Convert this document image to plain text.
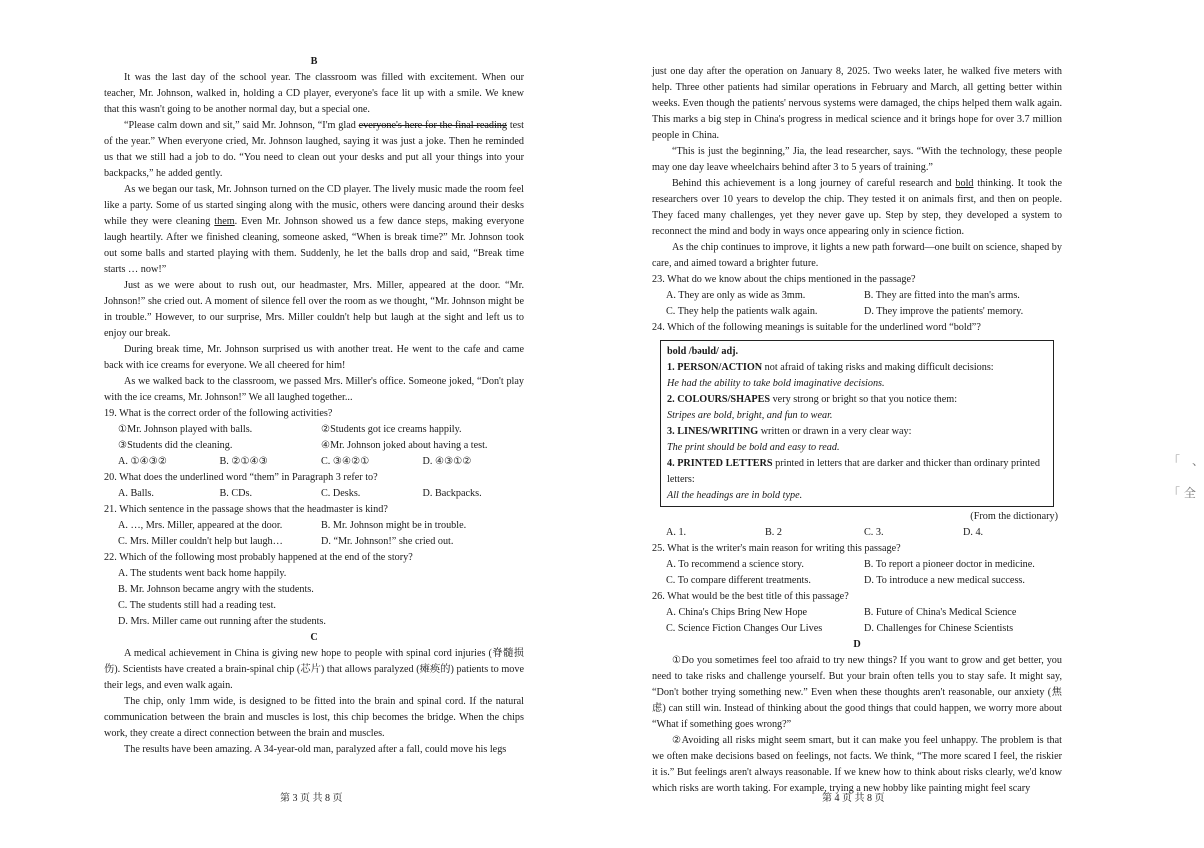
B

It was the last day of the school year. The classroom was filled with excitement. When our teacher, Mr. Johnson, walked in, holding a CD player, everyone's face lit up with a smile. We knew that this wasn't going to be another normal day, but a special one.

“Please calm down and sit,” said Mr. Johnson, “I'm glad everyone's here for the final reading test of the year.” When everyone cried, Mr. Johnson laughed, saying it was just a joke. Then he reminded us that we still had a job to do. “You need to clean out your desks and put all your things into your backpacks,” he added gently.

As we began our task, Mr. Johnson turned on the CD player. The lively music made the room feel like a party. Some of us started singing along with the music, others were dancing around their desks while they were cleaning them. Even Mr. Johnson showed us a few dance steps, making everyone laugh heartily. After we finished cleaning, someone asked, “When is break time?” Mr. Johnson took out some balls and started playing with them. Suddenly, he let the balls drop and said, “Break time starts … now!”

Just as we were about to rush out, our headmaster, Mrs. Miller, appeared at the door. “Mr. Johnson!” she cried out. A moment of silence fell over the room as we thought, “Mr. Johnson might be in trouble.” However, to our surprise, Mrs. Miller couldn't help but laugh at the sight and left us to enjoy our break.

During break time, Mr. Johnson surprised us with another treat. He went to the cafe and came back with ice creams for everyone. We all cheered for him!

As we walked back to the classroom, we passed Mrs. Miller's office. Someone joked, “Don't play with the ice creams, Mr. Johnson!” We all laughed together...

19. What is the correct order of the following activities?

①Mr. Johnson played with balls.	②Students got ice creams happily.
③Students did the cleaning.	④Mr. Johnson joked about having a test.
A. ①④③②	B. ②①④③	C. ③④②①	D. ④③①②

20. What does the underlined word “them” in Paragraph 3 refer to?

A. Balls.	B. CDs.	C. Desks.	D. Backpacks.

21. Which sentence in the passage shows that the headmaster is kind?

A. …, Mrs. Miller, appeared at the door.	B. Mr. Johnson might be in trouble.
C. Mrs. Miller couldn't help but laugh…	D. “Mr. Johnson!” she cried out.

22. Which of the following most probably happened at the end of the story?

A. The students went back home happily.
B. Mr. Johnson became angry with the students.
C. The students still had a reading test.
D. Mrs. Miller came out running after the students.

C

A medical achievement in China is giving new hope to people with spinal cord injuries (脊髓损伤). Scientists have created a brain-spinal chip (芯片) that allows paralyzed (瘫痪的) patients to move their legs, and even walk again.

The chip, only 1mm wide, is designed to be fitted into the brain and spinal cord. If the natural communication between the brain and muscles is lost, this chip becomes the bridge. When the chips work, they create a direct connection between the brain and muscles.

The results have been amazing. A 34-year-old man, paralyzed after a fall, could move his legs

第 3 页 共 8 页

just one day after the operation on January 8, 2025. Two weeks later, he walked five meters with help. Three other patients had similar operations in February and March, all getting better within weeks. Even though the patients' nervous systems were damaged, the chips helped them walk again. This marks a big step in China's progress in medical science and it brings hope for over 3.7 million people in China.

“This is just the beginning,” Jia, the lead researcher, says. “With the technology, these people may one day leave wheelchairs behind after 3 to 5 years of training.”

Behind this achievement is a long journey of careful research and bold thinking. It took the researchers over 10 years to develop the chip. They tested it on animals first, and then on people. They faced many challenges, yet they never gave up. Step by step, they developed a system to reconnect the mind and body in ways once appearing only in science fiction.

As the chip continues to improve, it lights a new path forward—one built on science, shaped by care, and aimed toward a brighter future.

23. What do we know about the chips mentioned in the passage?

A. They are only as wide as 3mm.	B. They are fitted into the man's arms.
C. They help the patients walk again.	D. They improve the patients' memory.

24. Which of the following meanings is suitable for the underlined word “bold”?

bold /bəuld/ adj.
1. PERSON/ACTION not afraid of taking risks and making difficult decisions:
He had the ability to take bold imaginative decisions.
2. COLOURS/SHAPES very strong or bright so that you notice them:
Stripes are bold, bright, and fun to wear.
3. LINES/WRITING written or drawn in a very clear way:
The print should be bold and easy to read.
4. PRINTED LETTERS printed in letters that are darker and thicker than ordinary printed letters:
All the headings are in bold type.
(From the dictionary)
A. 1.	B. 2	C. 3.	D. 4.

25. What is the writer's main reason for writing this passage?

A. To recommend a science story.	B. To report a pioneer doctor in medicine.
C. To compare different treatments.	D. To introduce a new medical success.

26. What would be the best title of this passage?

A. China's Chips Bring New Hope	B. Future of China's Medical Science
C. Science Fiction Changes Our Lives	D. Challenges for Chinese Scientists

D

①Do you sometimes feel too afraid to try new things? If you want to grow and get better, you need to take risks and challenge yourself. But your brain often tells you to stay safe. It might say, “Don't bother trying something new.” Even when these thoughts aren't reasonable, our anxiety (焦虑) can still win. Instead of thinking about the good things that could happen, we worry more about “What if something goes wrong?”

②Avoiding all risks might seem smart, but it can make you feel unhappy. The problem is that we often make decisions based on feelings, not facts. We think, “The more scared I feel, the riskier it is.” But feelings aren't always reasonable. If we knew how to think about risks clearly, we'd know which risks are worth taking. For example, trying a new hobby like painting might feel scary

第 4 页 共 8 页
「　、
「 全
